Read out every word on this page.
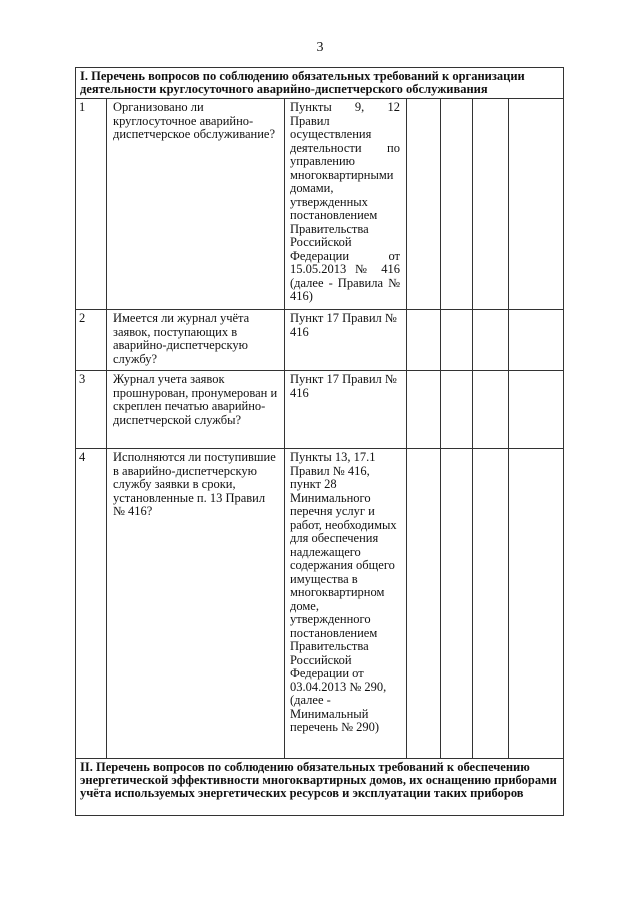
3
I. Перечень вопросов по соблюдению обязательных требований к организации деятельности круглосуточного аварийно-диспетчерского обслуживания						
1	Организовано ли круглосуточное аварийно-диспетчерское обслуживание?	Пункты 9, 12 Правил осуществления деятельности по управлению многоквартирными домами, утвержденных постановлением Правительства Российской Федерации от 15.05.2013 № 416 (далее - Правила № 416)				
2	Имеется ли журнал учёта заявок, поступающих в аварийно-диспетчерскую службу?	Пункт 17 Правил № 416				
3	Журнал учета заявок прошнурован, пронумерован и скреплен печатью аварийно-диспетчерской службы?	Пункт 17 Правил № 416				
4	Исполняются ли поступившие в аварийно-диспетчерскую службу заявки в сроки, установленные п. 13 Правил № 416?	Пункты 13, 17.1 Правил № 416, пункт 28 Минимального перечня услуг и работ, необходимых для обеспечения надлежащего содержания общего имущества в многоквартирном доме, утвержденного постановлением Правительства Российской Федерации от 03.04.2013 № 290, (далее - Минимальный перечень № 290)				
II. Перечень вопросов по соблюдению обязательных требований к обеспечению энергетической эффективности многоквартирных домов, их оснащению приборами учёта используемых энергетических ресурсов и эксплуатации таких приборов						
